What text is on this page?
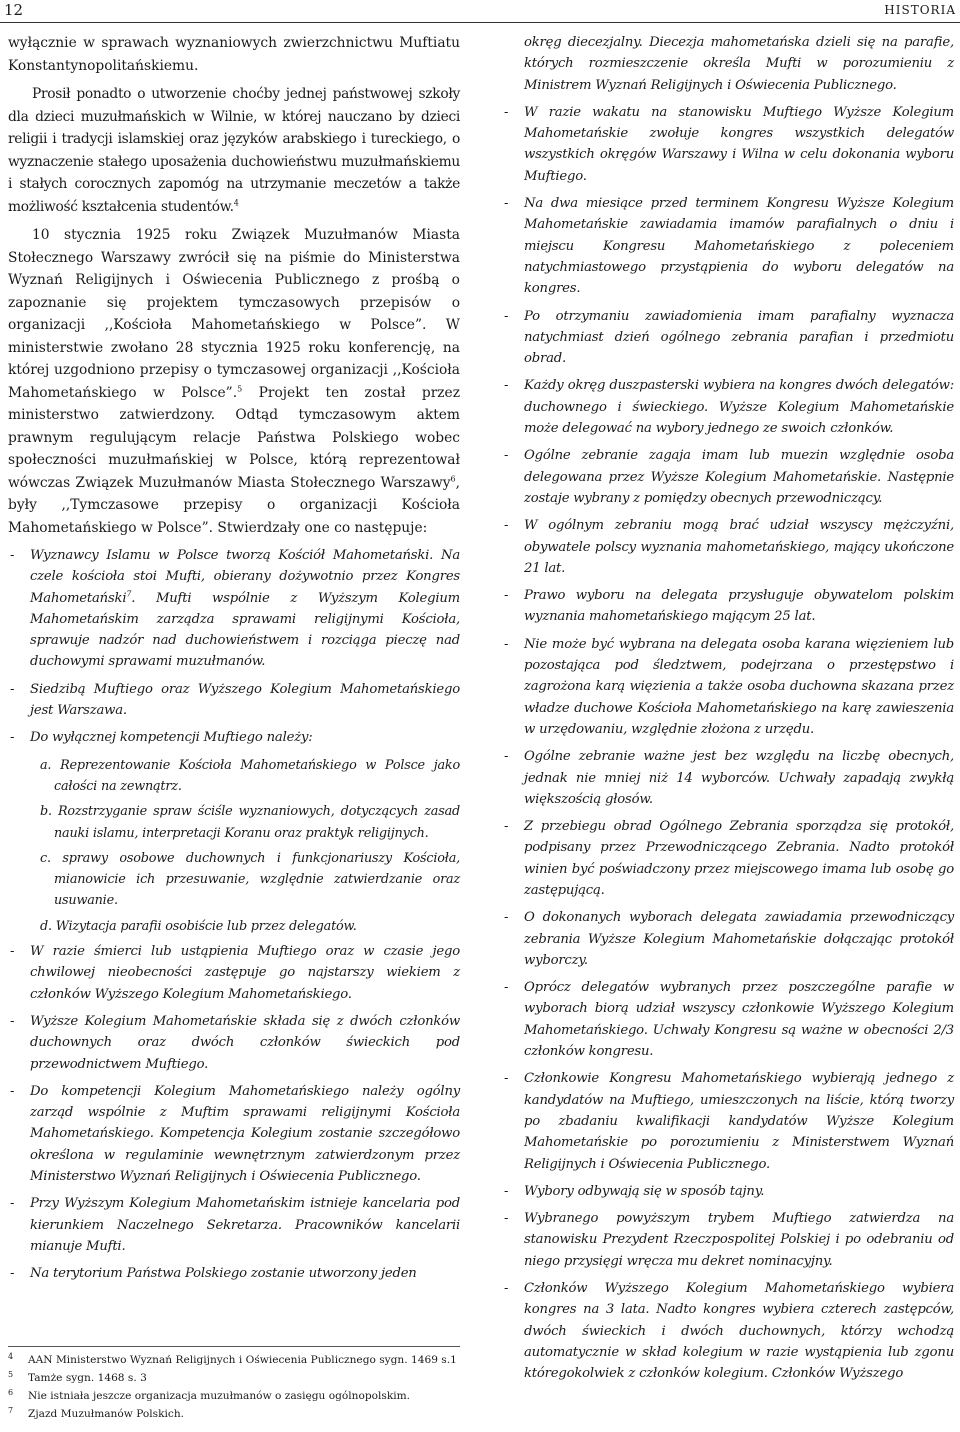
12	HISTORIA

wyłącznie w sprawach wyznaniowych zwierzchnictwu Muftiatu Konstantynopolitańskiemu.

Prosił ponadto o utworzenie choćby jednej państwowej szkoły dla dzieci muzułmańskich w Wilnie, w której nauczano by dzieci religii i tradycji islamskiej oraz języków arabskiego i tureckiego, o wyznaczenie stałego uposażenia duchowieństwu muzułmańskiemu i stałych corocznych zapomóg na utrzymanie meczetów a także możliwość kształcenia studentów.$^4$

10 stycznia 1925 roku Związek Muzułmanów Miasta Stołecznego Warszawy zwrócił się na piśmie do Ministerstwa Wyznań Religijnych i Oświecenia Publicznego z prośbą o zapoznanie się projektem tymczasowych przepisów o organizacji ,,Kościoła Mahometańskiego w Polsce”. W ministerstwie zwołano 28 stycznia 1925 roku konferencję, na której uzgodniono przepisy o tymczasowej organizacji ,,Kościoła Mahometańskiego w Polsce”.$^5$ Projekt ten został przez ministerstwo zatwierdzony. Odtąd tymczasowym aktem prawnym regulującym relacje Państwa Polskiego wobec społeczności muzułmańskiej w Polsce, którą reprezentował wówczas Związek Muzułmanów Miasta Stołecznego Warszawy$^6$, były ,,Tymczasowe przepisy o organizacji Kościoła Mahometańskiego w Polsce”. Stwierdzały one co następuje:

- Wyznawcy Islamu w Polsce tworzą Kościół Mahometański. Na czele kościoła stoi Mufti, obierany dożywotnio przez Kongres Mahometański$^7$. Mufti wspólnie z Wyższym Kolegium Mahometańskim zarządza sprawami religijnymi Kościoła, sprawuje nadzór nad duchowieństwem i rozciąga pieczę nad duchowymi sprawami muzułmanów.
- Siedzibą Muftiego oraz Wyższego Kolegium Mahometańskiego jest Warszawa.
- Do wyłącznej kompetencji Muftiego należy:
a. Reprezentowanie Kościoła Mahometańskiego w Polsce jako całości na zewnątrz.
b. Rozstrzyganie spraw ściśle wyznaniowych, dotyczących zasad nauki islamu, interpretacji Koranu oraz praktyk religijnych.
c. sprawy osobowe duchownych i funkcjonariuszy Kościoła, mianowicie ich przesuwanie, względnie zatwierdzanie oraz usuwanie.
d. Wizytacja parafii osobiście lub przez delegatów.
- W razie śmierci lub ustąpienia Muftiego oraz w czasie jego chwilowej nieobecności zastępuje go najstarszy wiekiem z członków Wyższego Kolegium Mahometańskiego.
- Wyższe Kolegium Mahometańskie składa się z dwóch członków duchownych oraz dwóch członków świeckich pod przewodnictwem Muftiego.
- Do kompetencji Kolegium Mahometańskiego należy ogólny zarząd wspólnie z Muftim sprawami religijnymi Kościoła Mahometańskiego. Kompetencja Kolegium zostanie szczegółowo określona w regulaminie wewnętrznym zatwierdzonym przez Ministerstwo Wyznań Religijnych i Oświecenia Publicznego.
- Przy Wyższym Kolegium Mahometańskim istnieje kancelaria pod kierunkiem Naczelnego Sekretarza. Pracowników kancelarii mianuje Mufti.
- Na terytorium Państwa Polskiego zostanie utworzony jeden
okręg diecezjalny. Diecezja mahometańska dzieli się na parafie, których rozmieszczenie określa Mufti w porozumieniu z Ministrem Wyznań Religijnych i Oświecenia Publicznego.
- W razie wakatu na stanowisku Muftiego Wyższe Kolegium Mahometańskie zwołuje kongres wszystkich delegatów wszystkich okręgów Warszawy i Wilna w celu dokonania wyboru Muftiego.
- Na dwa miesiące przed terminem Kongresu Wyższe Kolegium Mahometańskie zawiadamia imamów parafialnych o dniu i miejscu Kongresu Mahometańskiego z poleceniem natychmiastowego przystąpienia do wyboru delegatów na kongres.
- Po otrzymaniu zawiadomienia imam parafialny wyznacza natychmiast dzień ogólnego zebrania parafian i przedmiotu obrad.
- Każdy okręg duszpasterski wybiera na kongres dwóch delegatów: duchownego i świeckiego. Wyższe Kolegium Mahometańskie może delegować na wybory jednego ze swoich członków.
- Ogólne zebranie zagaja imam lub muezin względnie osoba delegowana przez Wyższe Kolegium Mahometańskie. Następnie zostaje wybrany z pomiędzy obecnych przewodniczący.
- W ogólnym zebraniu mogą brać udział wszyscy mężczyźni, obywatele polscy wyznania mahometańskiego, mający ukończone 21 lat.
- Prawo wyboru na delegata przysługuje obywatelom polskim wyznania mahometańskiego mającym 25 lat.
- Nie może być wybrana na delegata osoba karana więzieniem lub pozostająca pod śledztwem, podejrzana o przestępstwo i zagrożona karą więzienia a także osoba duchowna skazana przez władze duchowe Kościoła Mahometańskiego na karę zawieszenia w urzędowaniu, względnie złożona z urzędu.
- Ogólne zebranie ważne jest bez względu na liczbę obecnych, jednak nie mniej niż 14 wyborców. Uchwały zapadają zwykłą większością głosów.
- Z przebiegu obrad Ogólnego Zebrania sporządza się protokół, podpisany przez Przewodniczącego Zebrania. Nadto protokół winien być poświadczony przez miejscowego imama lub osobę go zastępującą.
- O dokonanych wyborach delegata zawiadamia przewodniczący zebrania Wyższe Kolegium Mahometańskie dołączając protokół wyborczy.
- Oprócz delegatów wybranych przez poszczególne parafie w wyborach biorą udział wszyscy członkowie Wyższego Kolegium Mahometańskiego. Uchwały Kongresu są ważne w obecności 2/3 członków kongresu.
- Członkowie Kongresu Mahometańskiego wybierają jednego z kandydatów na Muftiego, umieszczonych na liście, którą tworzy po zbadaniu kwalifikacji kandydatów Wyższe Kolegium Mahometańskie po porozumieniu z Ministerstwem Wyznań Religijnych i Oświecenia Publicznego.
- Wybory odbywają się w sposób tajny.
- Wybranego powyższym trybem Muftiego zatwierdza na stanowisku Prezydent Rzeczpospolitej Polskiej i po odebraniu od niego przysięgi wręcza mu dekret nominacyjny.
- Członków Wyższego Kolegium Mahometańskiego wybiera kongres na 3 lata. Nadto kongres wybiera czterech zastępców, dwóch świeckich i dwóch duchownych, którzy wchodzą automatycznie w skład kolegium w razie wystąpienia lub zgonu któregokolwiek z członków kolegium. Członków Wyższego
4 AAN Ministerstwo Wyznań Religijnych i Oświecenia Publicznego sygn. 1469 s.1
5 Tamże sygn. 1468 s. 3
6 Nie istniała jeszcze organizacja muzułmanów o zasięgu ogólnopolskim.
7 Zjazd Muzułmanów Polskich.
